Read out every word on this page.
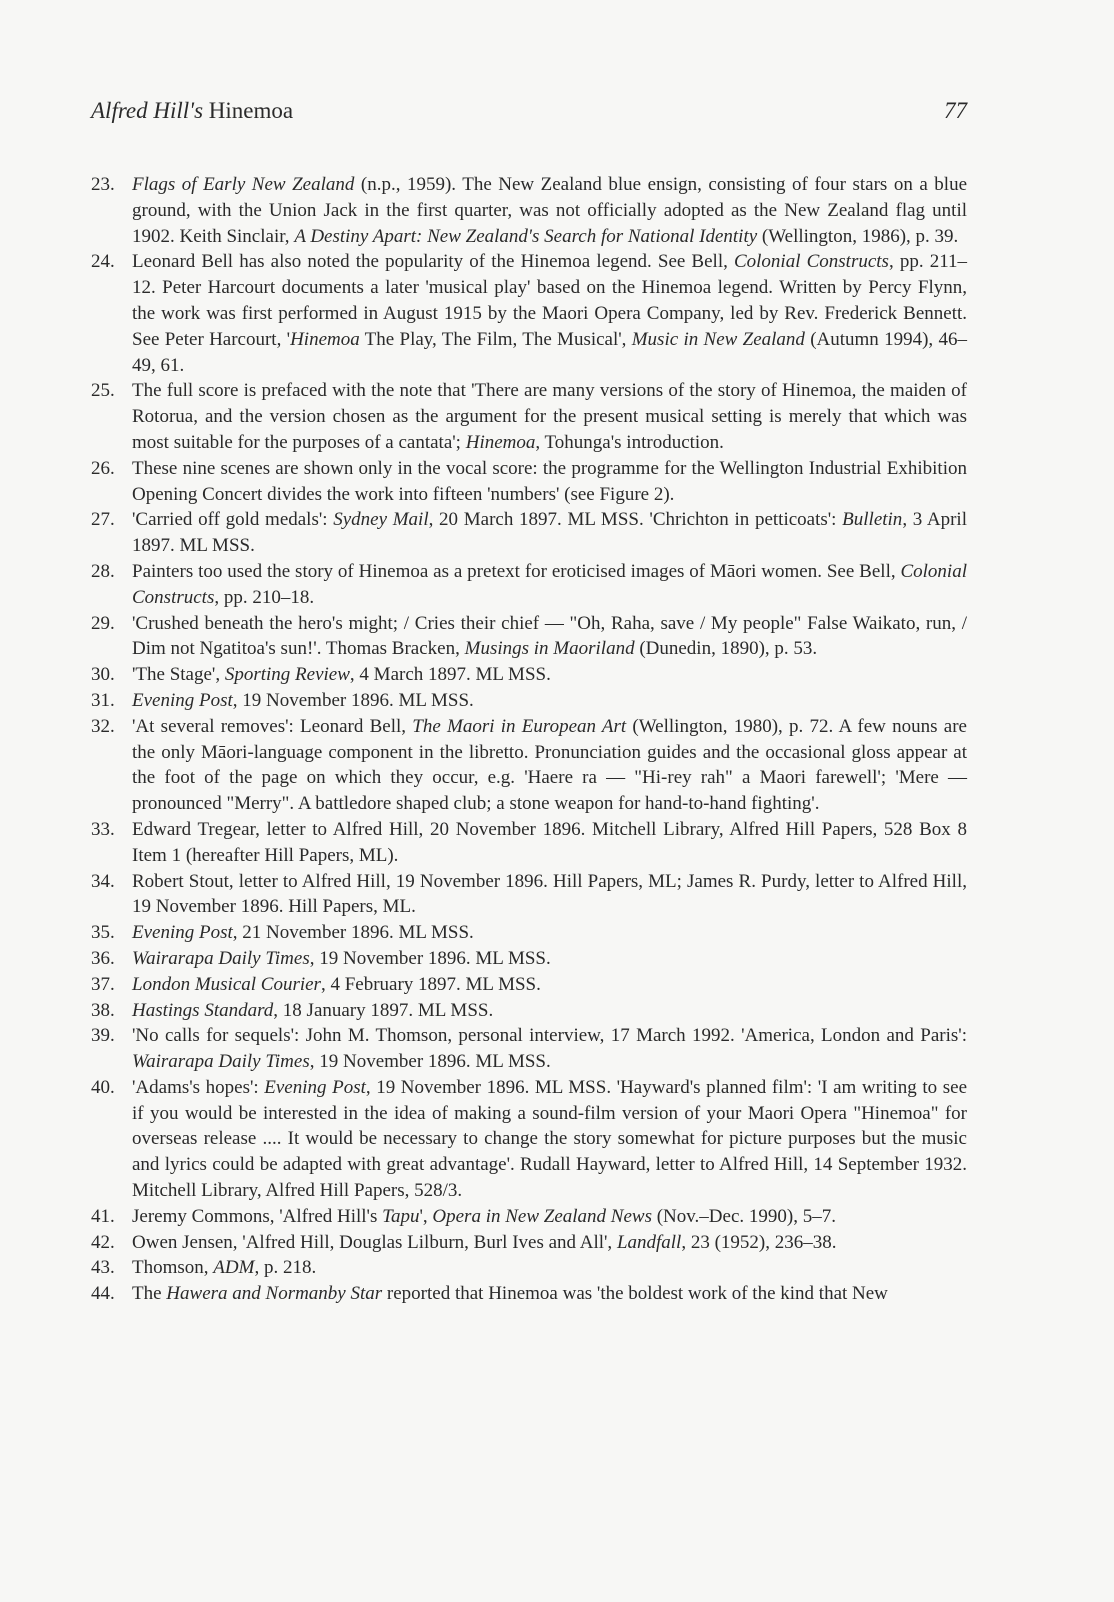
Alfred Hill's Hinemoa	77
23. Flags of Early New Zealand (n.p., 1959). The New Zealand blue ensign, consisting of four stars on a blue ground, with the Union Jack in the first quarter, was not officially adopted as the New Zealand flag until 1902. Keith Sinclair, A Destiny Apart: New Zealand's Search for National Identity (Wellington, 1986), p. 39.
24. Leonard Bell has also noted the popularity of the Hinemoa legend. See Bell, Colonial Constructs, pp. 211–12. Peter Harcourt documents a later 'musical play' based on the Hinemoa legend. Written by Percy Flynn, the work was first performed in August 1915 by the Maori Opera Company, led by Rev. Frederick Bennett. See Peter Harcourt, 'Hinemoa The Play, The Film, The Musical', Music in New Zealand (Autumn 1994), 46–49, 61.
25. The full score is prefaced with the note that 'There are many versions of the story of Hinemoa, the maiden of Rotorua, and the version chosen as the argument for the present musical setting is merely that which was most suitable for the purposes of a cantata'; Hinemoa, Tohunga's introduction.
26. These nine scenes are shown only in the vocal score: the programme for the Wellington Industrial Exhibition Opening Concert divides the work into fifteen 'numbers' (see Figure 2).
27. 'Carried off gold medals': Sydney Mail, 20 March 1897. ML MSS. 'Chrichton in petticoats': Bulletin, 3 April 1897. ML MSS.
28. Painters too used the story of Hinemoa as a pretext for eroticised images of Māori women. See Bell, Colonial Constructs, pp. 210–18.
29. 'Crushed beneath the hero's might; / Cries their chief — "Oh, Raha, save / My people" False Waikato, run, / Dim not Ngatitoa's sun!'. Thomas Bracken, Musings in Maoriland (Dunedin, 1890), p. 53.
30. 'The Stage', Sporting Review, 4 March 1897. ML MSS.
31. Evening Post, 19 November 1896. ML MSS.
32. 'At several removes': Leonard Bell, The Maori in European Art (Wellington, 1980), p. 72. A few nouns are the only Māori-language component in the libretto. Pronunciation guides and the occasional gloss appear at the foot of the page on which they occur, e.g. 'Haere ra — "Hi-rey rah" a Maori farewell'; 'Mere — pronounced "Merry". A battledore shaped club; a stone weapon for hand-to-hand fighting'.
33. Edward Tregear, letter to Alfred Hill, 20 November 1896. Mitchell Library, Alfred Hill Papers, 528 Box 8 Item 1 (hereafter Hill Papers, ML).
34. Robert Stout, letter to Alfred Hill, 19 November 1896. Hill Papers, ML; James R. Purdy, letter to Alfred Hill, 19 November 1896. Hill Papers, ML.
35. Evening Post, 21 November 1896. ML MSS.
36. Wairarapa Daily Times, 19 November 1896. ML MSS.
37. London Musical Courier, 4 February 1897. ML MSS.
38. Hastings Standard, 18 January 1897. ML MSS.
39. 'No calls for sequels': John M. Thomson, personal interview, 17 March 1992. 'America, London and Paris': Wairarapa Daily Times, 19 November 1896. ML MSS.
40. 'Adams's hopes': Evening Post, 19 November 1896. ML MSS. 'Hayward's planned film': 'I am writing to see if you would be interested in the idea of making a sound-film version of your Maori Opera "Hinemoa" for overseas release .... It would be necessary to change the story somewhat for picture purposes but the music and lyrics could be adapted with great advantage'. Rudall Hayward, letter to Alfred Hill, 14 September 1932. Mitchell Library, Alfred Hill Papers, 528/3.
41. Jeremy Commons, 'Alfred Hill's Tapu', Opera in New Zealand News (Nov.–Dec. 1990), 5–7.
42. Owen Jensen, 'Alfred Hill, Douglas Lilburn, Burl Ives and All', Landfall, 23 (1952), 236–38.
43. Thomson, ADM, p. 218.
44. The Hawera and Normanby Star reported that Hinemoa was 'the boldest work of the kind that New
